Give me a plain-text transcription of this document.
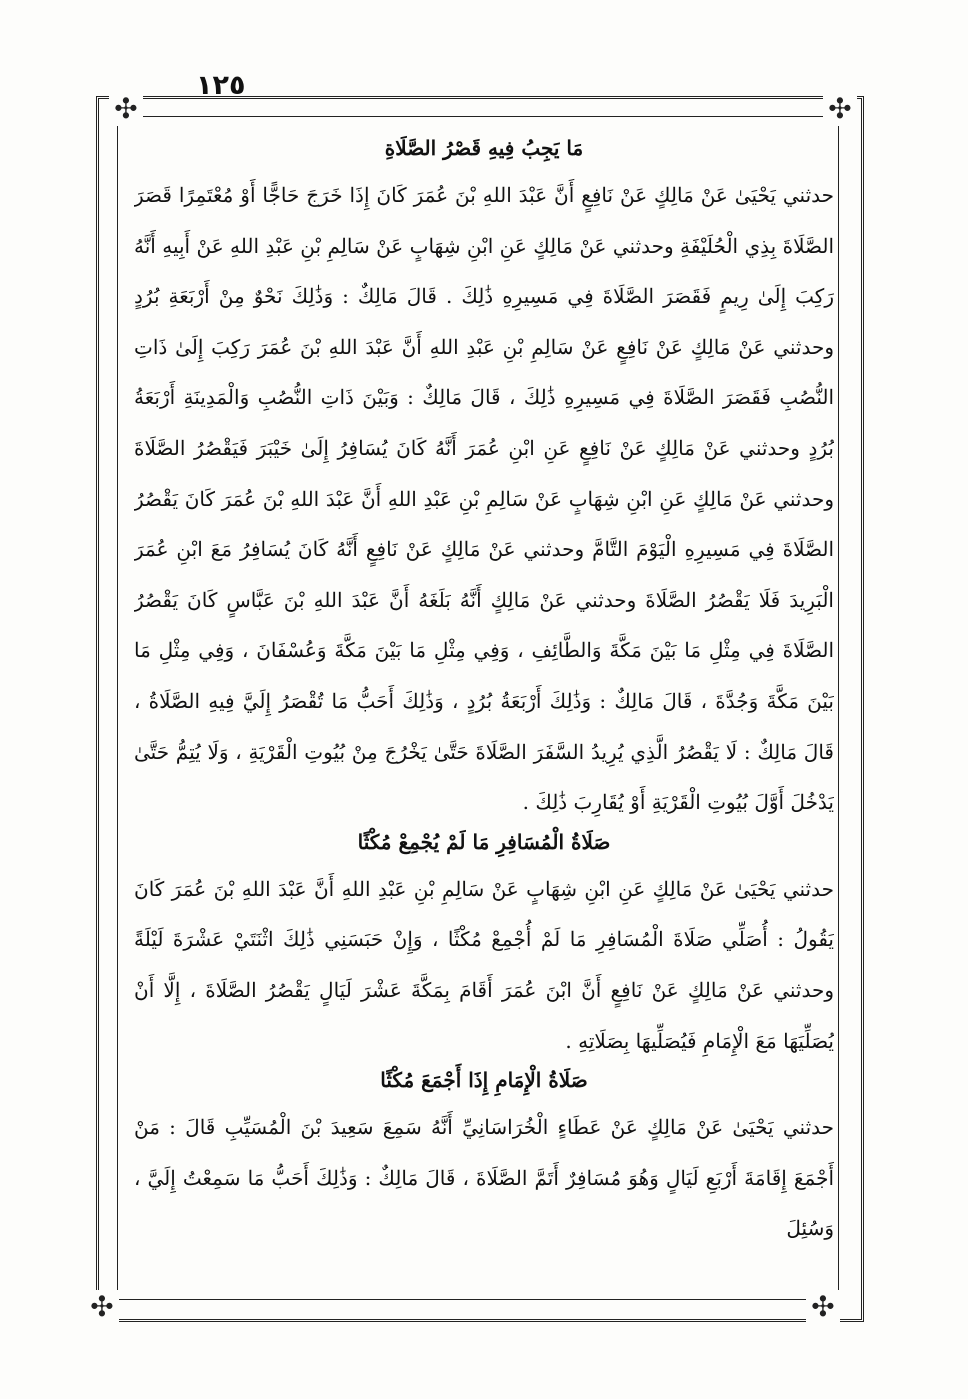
١٢٥
✣	✣
✣	✣
مَا يَجِبُ فِيهِ قَصْرُ الصَّلَاةِ

حدثني يَحْيَىٰ عَنْ مَالِكٍ عَنْ نَافِعٍ أَنَّ عَبْدَ اللهِ بْنَ عُمَرَ كَانَ إِذَا خَرَجَ حَاجًّا أَوْ مُعْتَمِرًا قَصَرَ الصَّلَاةَ بِذِي الْحُلَيْفَةِ وحدثني عَنْ مَالِكٍ عَنِ ابْنِ شِهَابٍ عَنْ سَالِمِ بْنِ عَبْدِ اللهِ عَنْ أَبِيهِ أَنَّهُ رَكِبَ إِلَىٰ رِيمٍ فَقَصَرَ الصَّلَاةَ فِي مَسِيرِهِ ذَٰلِكَ . قَالَ مَالِكٌ : وَذَٰلِكَ نَحْوٌ مِنْ أَرْبَعَةِ بُرُدٍ وحدثني عَنْ مَالِكٍ عَنْ نَافِعٍ عَنْ سَالِمِ بْنِ عَبْدِ اللهِ أَنَّ عَبْدَ اللهِ بْنَ عُمَرَ رَكِبَ إِلَىٰ ذَاتِ النُّصُبِ فَقَصَرَ الصَّلَاةَ فِي مَسِيرِهِ ذَٰلِكَ ، قَالَ مَالِكٌ : وَبَيْنَ ذَاتِ النُّصُبِ وَالْمَدِينَةِ أَرْبَعَةُ بُرُدٍ وحدثني عَنْ مَالِكٍ عَنْ نَافِعٍ عَنِ ابْنِ عُمَرَ أَنَّهُ كَانَ يُسَافِرُ إِلَىٰ خَيْبَرَ فَيَقْصُرُ الصَّلَاةَ وحدثني عَنْ مَالِكٍ عَنِ ابْنِ شِهَابٍ عَنْ سَالِمِ بْنِ عَبْدِ اللهِ أَنَّ عَبْدَ اللهِ بْنَ عُمَرَ كَانَ يَقْصُرُ الصَّلَاةَ فِي مَسِيرِهِ الْيَوْمَ التَّامَّ وحدثني عَنْ مَالِكٍ عَنْ نَافِعٍ أَنَّهُ كَانَ يُسَافِرُ مَعَ ابْنِ عُمَرَ الْبَرِيدَ فَلَا يَقْصُرُ الصَّلَاةَ وحدثني عَنْ مَالِكٍ أَنَّهُ بَلَغَهُ أَنَّ عَبْدَ اللهِ بْنَ عَبَّاسٍ كَانَ يَقْصُرُ الصَّلَاةَ فِي مِثْلِ مَا بَيْنَ مَكَّةَ وَالطَّائِفِ ، وَفِي مِثْلِ مَا بَيْنَ مَكَّةَ وَعُسْفَانَ ، وَفِي مِثْلِ مَا بَيْنَ مَكَّةَ وَجُدَّةَ ، قَالَ مَالِكٌ : وَذَٰلِكَ أَرْبَعَةُ بُرُدٍ ، وَذَٰلِكَ أَحَبُّ مَا تُقْصَرُ إِلَيَّ فِيهِ الصَّلَاةُ ، قَالَ مَالِكٌ : لَا يَقْصُرُ الَّذِي يُرِيدُ السَّفَرَ الصَّلَاةَ حَتَّىٰ يَخْرُجَ مِنْ بُيُوتِ الْقَرْيَةِ ، وَلَا يُتِمُّ حَتَّىٰ يَدْخُلَ أَوَّلَ بُيُوتِ الْقَرْيَةِ أَوْ يُقَارِبَ ذَٰلِكَ .

صَلَاةُ الْمُسَافِرِ مَا لَمْ يُجْمِعْ مُكْثًا

حدثني يَحْيَىٰ عَنْ مَالِكٍ عَنِ ابْنِ شِهَابٍ عَنْ سَالِمِ بْنِ عَبْدِ اللهِ أَنَّ عَبْدَ اللهِ بْنَ عُمَرَ كَانَ يَقُولُ : أُصَلِّي صَلَاةَ الْمُسَافِرِ مَا لَمْ أُجْمِعْ مُكْثًا ، وَإِنْ حَبَسَنِي ذَٰلِكَ اثْنَتَيْ عَشْرَةَ لَيْلَةً وحدثني عَنْ مَالِكٍ عَنْ نَافِعٍ أَنَّ ابْنَ عُمَرَ أَقَامَ بِمَكَّةَ عَشْرَ لَيَالٍ يَقْصُرُ الصَّلَاةَ ، إِلَّا أَنْ يُصَلِّيَهَا مَعَ الْإِمَامِ فَيُصَلِّيهَا بِصَلَاتِهِ .

صَلَاةُ الْإِمَامِ إِذَا أَجْمَعَ مُكْثًا

حدثني يَحْيَىٰ عَنْ مَالِكٍ عَنْ عَطَاءٍ الْخُرَاسَانِيِّ أَنَّهُ سَمِعَ سَعِيدَ بْنَ الْمُسَيِّبِ قَالَ : مَنْ أَجْمَعَ إِقَامَةَ أَرْبَعِ لَيَالٍ وَهُوَ مُسَافِرٌ أَتَمَّ الصَّلَاةَ ، قَالَ مَالِكٌ : وَذَٰلِكَ أَحَبُّ مَا سَمِعْتُ إِلَيَّ ، وَسُئِلَ
